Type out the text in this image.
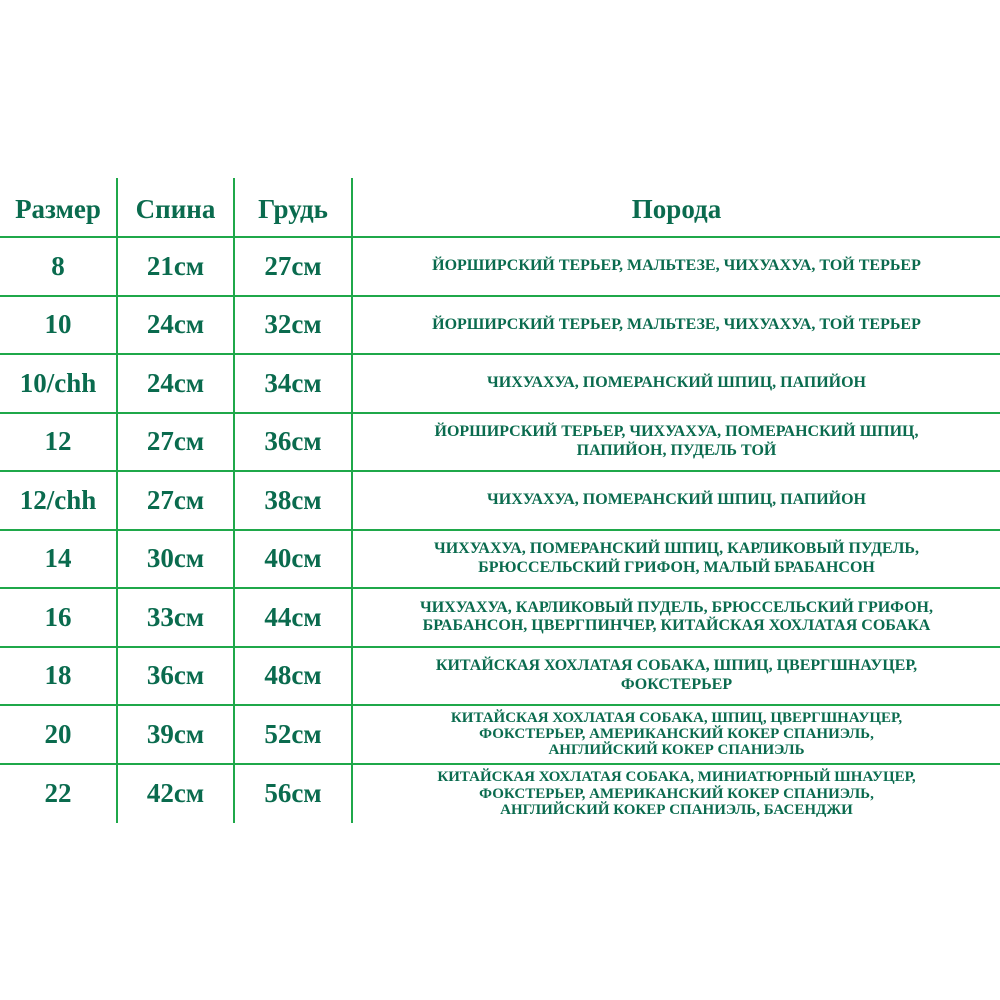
Размер	Спина	Грудь	Порода
8	21см	27см	ЙОРШИРСКИЙ ТЕРЬЕР, МАЛЬТЕЗЕ, ЧИХУАХУА, ТОЙ ТЕРЬЕР
10	24см	32см	ЙОРШИРСКИЙ ТЕРЬЕР, МАЛЬТЕЗЕ, ЧИХУАХУА, ТОЙ ТЕРЬЕР
10/chh	24см	34см	ЧИХУАХУА, ПОМЕРАНСКИЙ ШПИЦ, ПАПИЙОН
12	27см	36см	ЙОРШИРСКИЙ ТЕРЬЕР, ЧИХУАХУА, ПОМЕРАНСКИЙ ШПИЦ,
ПАПИЙОН, ПУДЕЛЬ ТОЙ
12/chh	27см	38см	ЧИХУАХУА, ПОМЕРАНСКИЙ ШПИЦ, ПАПИЙОН
14	30см	40см	ЧИХУАХУА, ПОМЕРАНСКИЙ ШПИЦ, КАРЛИКОВЫЙ ПУДЕЛЬ,
БРЮССЕЛЬСКИЙ ГРИФОН, МАЛЫЙ БРАБАНСОН
16	33см	44см	ЧИХУАХУА, КАРЛИКОВЫЙ ПУДЕЛЬ, БРЮССЕЛЬСКИЙ ГРИФОН,
БРАБАНСОН, ЦВЕРГПИНЧЕР, КИТАЙСКАЯ ХОХЛАТАЯ СОБАКА
18	36см	48см	КИТАЙСКАЯ ХОХЛАТАЯ СОБАКА, ШПИЦ, ЦВЕРГШНАУЦЕР,
ФОКСТЕРЬЕР
20	39см	52см
КИТАЙСКАЯ ХОХЛАТАЯ СОБАКА, ШПИЦ, ЦВЕРГШНАУЦЕР,
ФОКСТЕРЬЕР, АМЕРИКАНСКИЙ КОКЕР СПАНИЭЛЬ,
АНГЛИЙСКИЙ КОКЕР СПАНИЭЛЬ
22	42см	56см
КИТАЙСКАЯ ХОХЛАТАЯ СОБАКА, МИНИАТЮРНЫЙ ШНАУЦЕР,
ФОКСТЕРЬЕР, АМЕРИКАНСКИЙ КОКЕР СПАНИЭЛЬ,
АНГЛИЙСКИЙ КОКЕР СПАНИЭЛЬ, БАСЕНДЖИ
